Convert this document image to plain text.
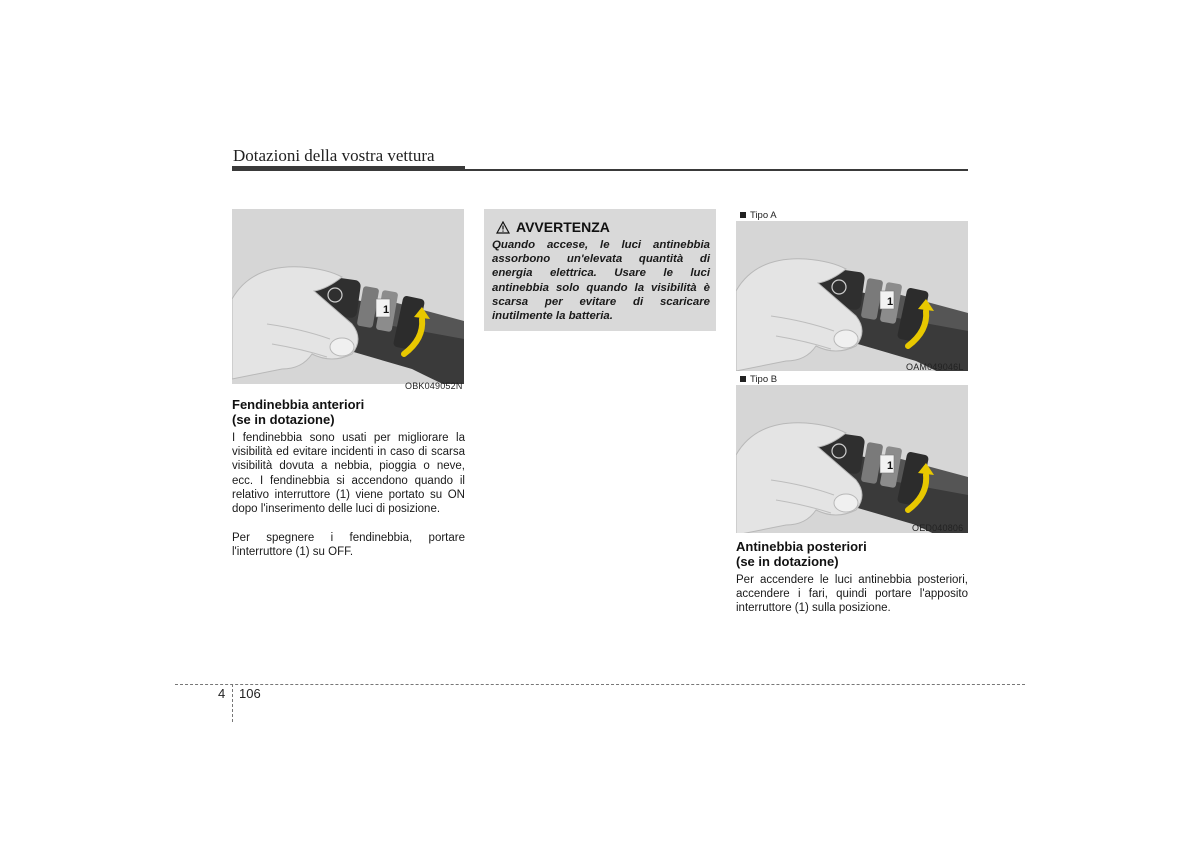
Dotazioni della vostra vettura
1
OBK049052N
Fendinebbia anteriori
(se in dotazione)

I fendinebbia sono usati per migliorare la visibilità ed evitare incidenti in caso di scarsa visibilità dovuta a nebbia, pioggia o neve, ecc. I fendinebbia si accendono quando il relativo interruttore (1) viene portato su ON dopo l'inserimento delle luci di posizione.

Per spegnere i fendinebbia, portare l'interruttore (1) su OFF.

AVVERTENZA

Quando accese, le luci antinebbia assorbono un'elevata quantità di energia elettrica. Usare le luci antinebbia solo quando la visibilità è scarsa per evitare di scaricare inutilmente la batteria.

Tipo A
1
OAM049046L
Tipo B
1
OED040806
Antinebbia posteriori
(se in dotazione)

Per accendere le luci antinebbia posteriori, accendere i fari, quindi portare l'apposito interruttore (1) sulla posizione.

4 106
